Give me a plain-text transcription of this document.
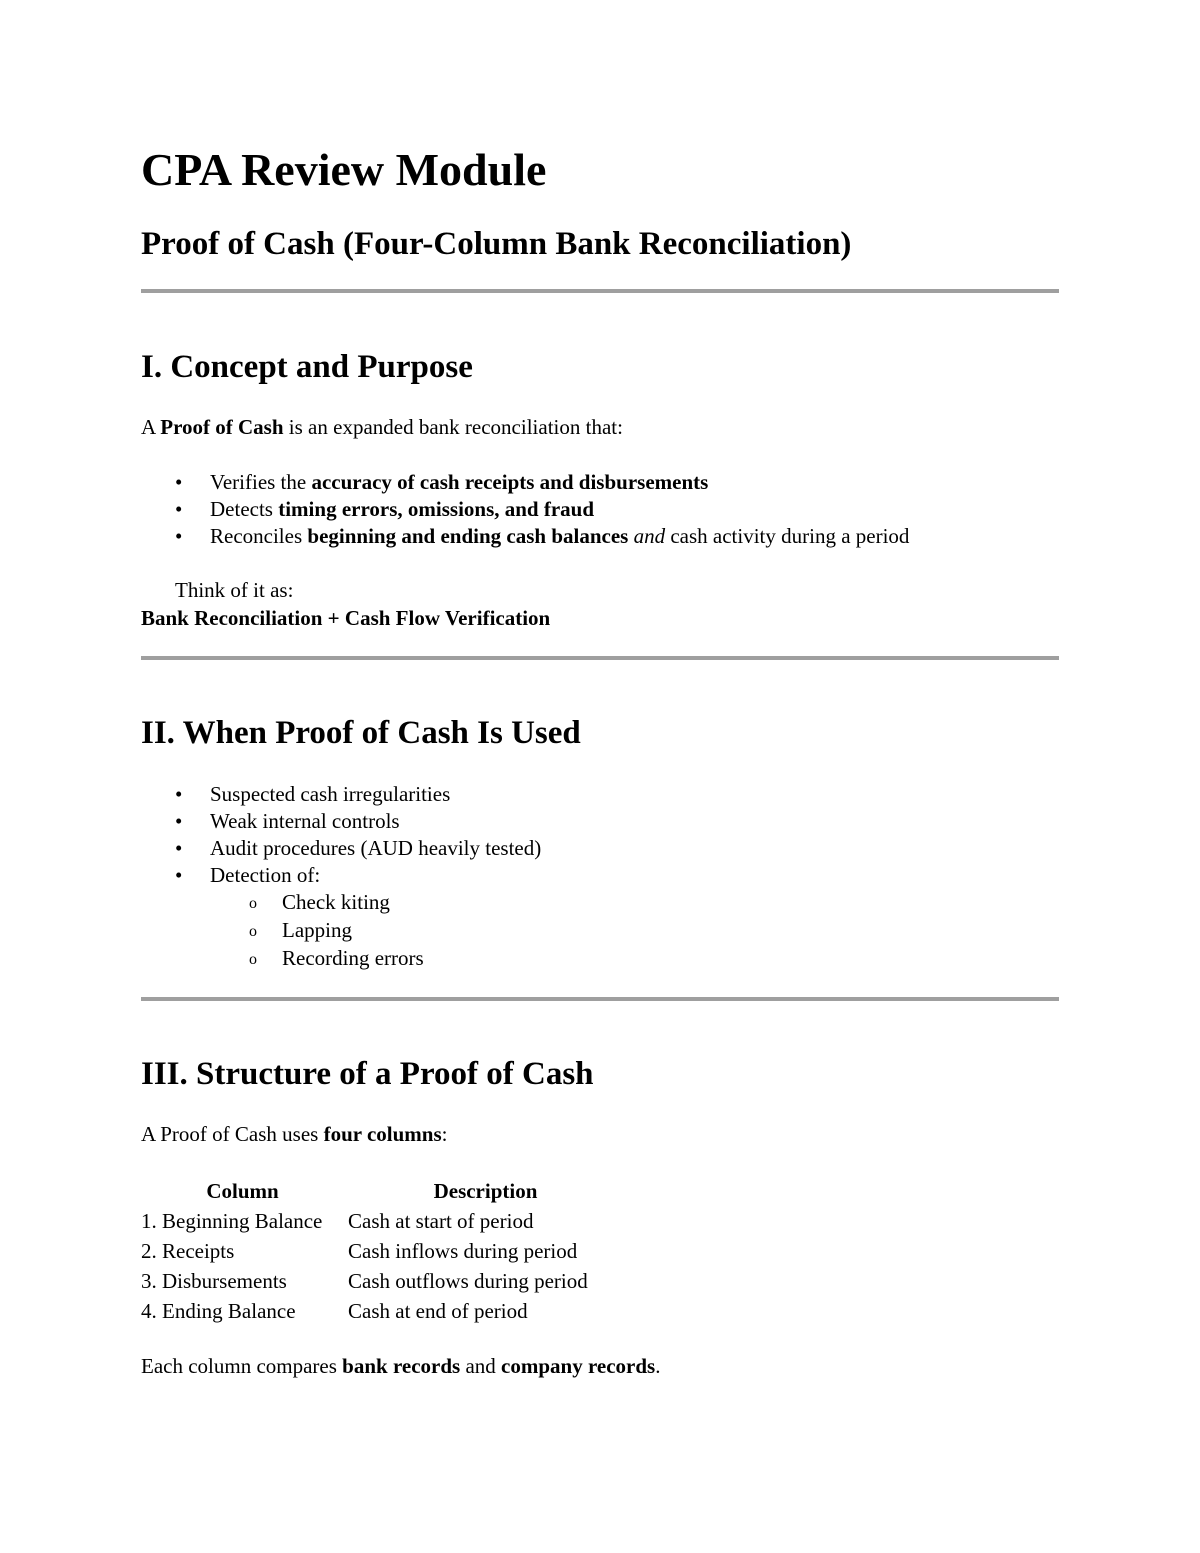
CPA Review Module
Proof of Cash (Four-Column Bank Reconciliation)
I. Concept and Purpose

A Proof of Cash is an expanded bank reconciliation that:

• Verifies the accuracy of cash receipts and disbursements
• Detects timing errors, omissions, and fraud
• Reconciles beginning and ending cash balances and cash activity during a period

Think of it as:

Bank Reconciliation + Cash Flow Verification

II. When Proof of Cash Is Used
• Suspected cash irregularities
• Weak internal controls
• Audit procedures (AUD heavily tested)
• Detection of:
o Check kiting
o Lapping
o Recording errors
III. Structure of a Proof of Cash

A Proof of Cash uses four columns:

Column	Description
1. Beginning Balance	Cash at start of period
2. Receipts	Cash inflows during period
3. Disbursements	Cash outflows during period
4. Ending Balance	Cash at end of period

Each column compares bank records and company records.
